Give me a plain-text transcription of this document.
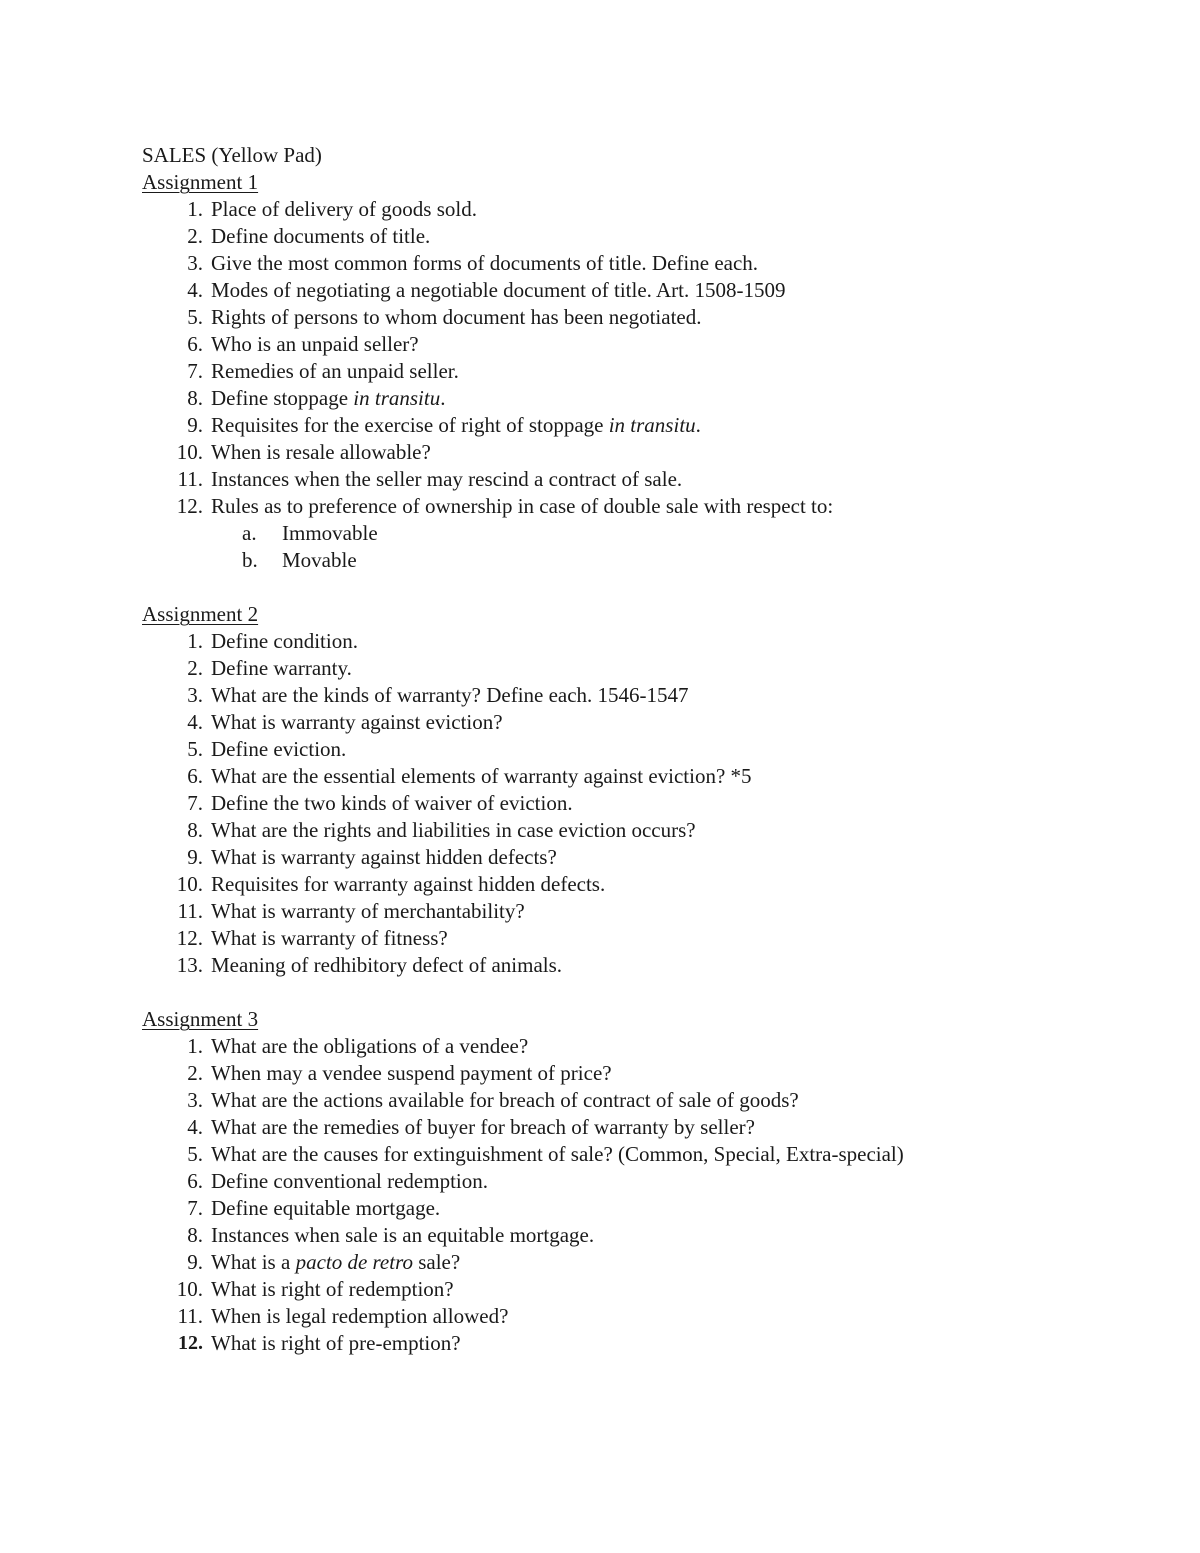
SALES (Yellow Pad)
Assignment 1
1. Place of delivery of goods sold.
2. Define documents of title.
3. Give the most common forms of documents of title. Define each.
4. Modes of negotiating a negotiable document of title. Art. 1508-1509
5. Rights of persons to whom document has been negotiated.
6. Who is an unpaid seller?
7. Remedies of an unpaid seller.
8. Define stoppage in transitu.
9. Requisites for the exercise of right of stoppage in transitu.
10. When is resale allowable?
11. Instances when the seller may rescind a contract of sale.
12. Rules as to preference of ownership in case of double sale with respect to:
a.	Immovable
b.	Movable
Assignment 2
1. Define condition.
2. Define warranty.
3. What are the kinds of warranty? Define each. 1546-1547
4. What is warranty against eviction?
5. Define eviction.
6. What are the essential elements of warranty against eviction? *5
7. Define the two kinds of waiver of eviction.
8. What are the rights and liabilities in case eviction occurs?
9. What is warranty against hidden defects?
10. Requisites for warranty against hidden defects.
11. What is warranty of merchantability?
12. What is warranty of fitness?
13. Meaning of redhibitory defect of animals.
Assignment 3
1. What are the obligations of a vendee?
2. When may a vendee suspend payment of price?
3. What are the actions available for breach of contract of sale of goods?
4. What are the remedies of buyer for breach of warranty by seller?
5. What are the causes for extinguishment of sale? (Common, Special, Extra-special)
6. Define conventional redemption.
7. Define equitable mortgage.
8. Instances when sale is an equitable mortgage.
9. What is a pacto de retro sale?
10. What is right of redemption?
11. When is legal redemption allowed?
12. What is right of pre-emption?
